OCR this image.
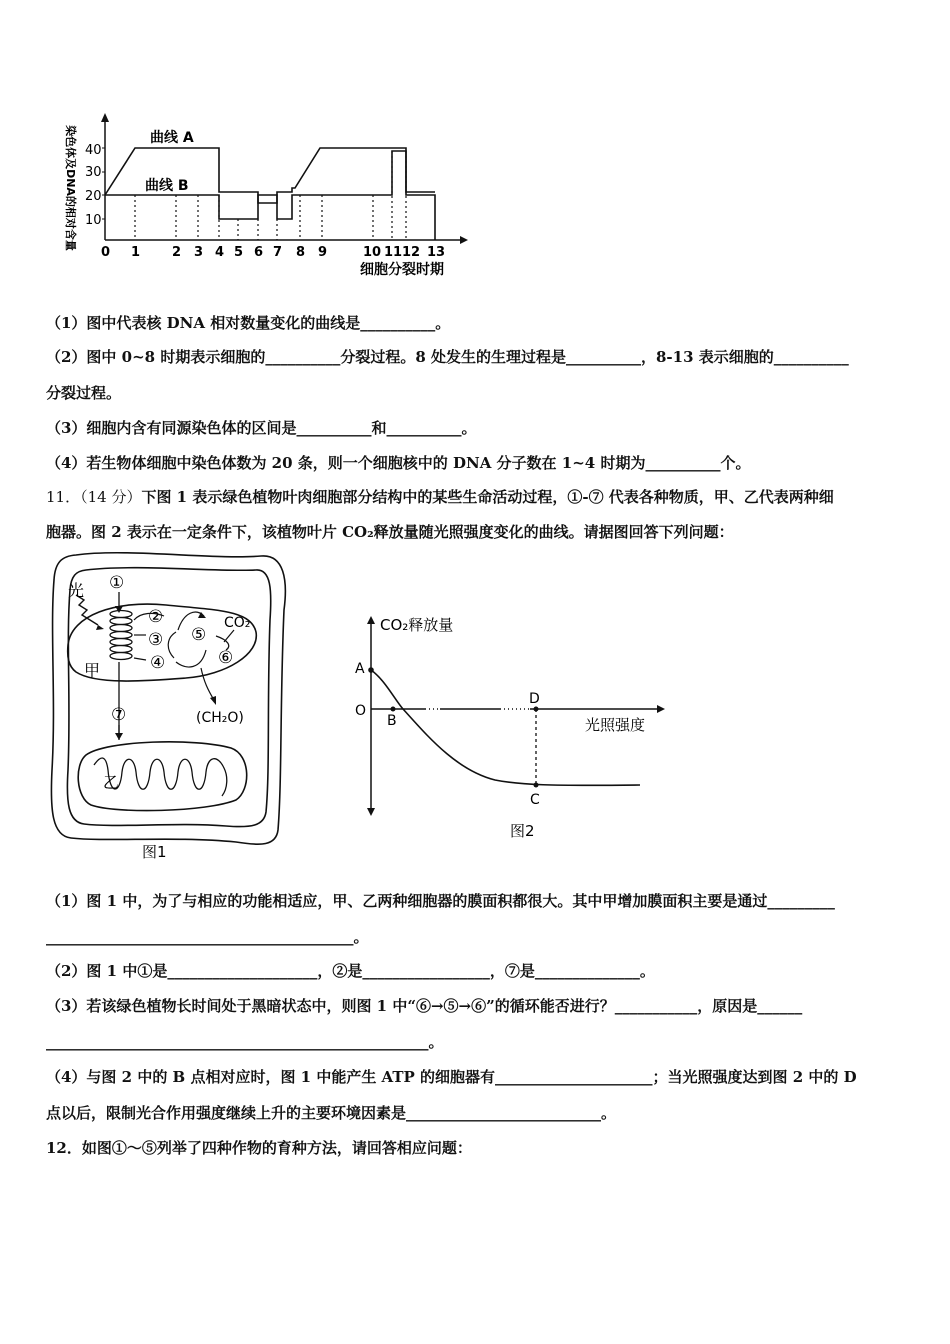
染色体及DNA的相对含量 10
20
30
40
曲线 A
曲线 B
0 1 2 3 4 5 6 7 8 9	10 11 12 13
细胞分裂时期
（1）图中代表核 DNA 相对数量变化的曲线是__________。
（2）图中 0~8 时期表示细胞的__________分裂过程。8 处发生的生理过程是__________，8-13 表示细胞的__________
分裂过程。
（3）细胞内含有同源染色体的区间是__________和__________。
（4）若生物体细胞中染色体数为 20 条，则一个细胞核中的 DNA 分子数在 1~4 时期为__________个。
11．（14 分）下图 1 表示绿色植物叶肉细胞部分结构中的某些生命活动过程，①-⑦ 代表各种物质，甲、乙代表两种细
胞器。图 2 表示在一定条件下，该植物叶片 CO₂释放量随光照强度变化的曲线。请据图回答下列问题：
光 ①
②
③
④
⑤
⑥
CO₂
(CH₂O)
甲
⑦
乙
图1
CO₂释放量
光照强度
A
O
B
D
C
图2
（1）图 1 中，为了与相应的功能相适应，甲、乙两种细胞器的膜面积都很大。其中甲增加膜面积主要是通过_________
_________________________________________。
（2）图 1 中①是____________________，②是_________________，⑦是______________。
（3）若该绿色植物长时间处于黑暗状态中，则图 1 中“⑥→⑤→⑥”的循环能否进行？___________，原因是______
___________________________________________________。
（4）与图 2 中的 B 点相对应时，图 1 中能产生 ATP 的细胞器有_____________________；当光照强度达到图 2 中的 D
点以后，限制光合作用强度继续上升的主要环境因素是__________________________。
12．如图①～⑤列举了四种作物的育种方法，请回答相应问题：
